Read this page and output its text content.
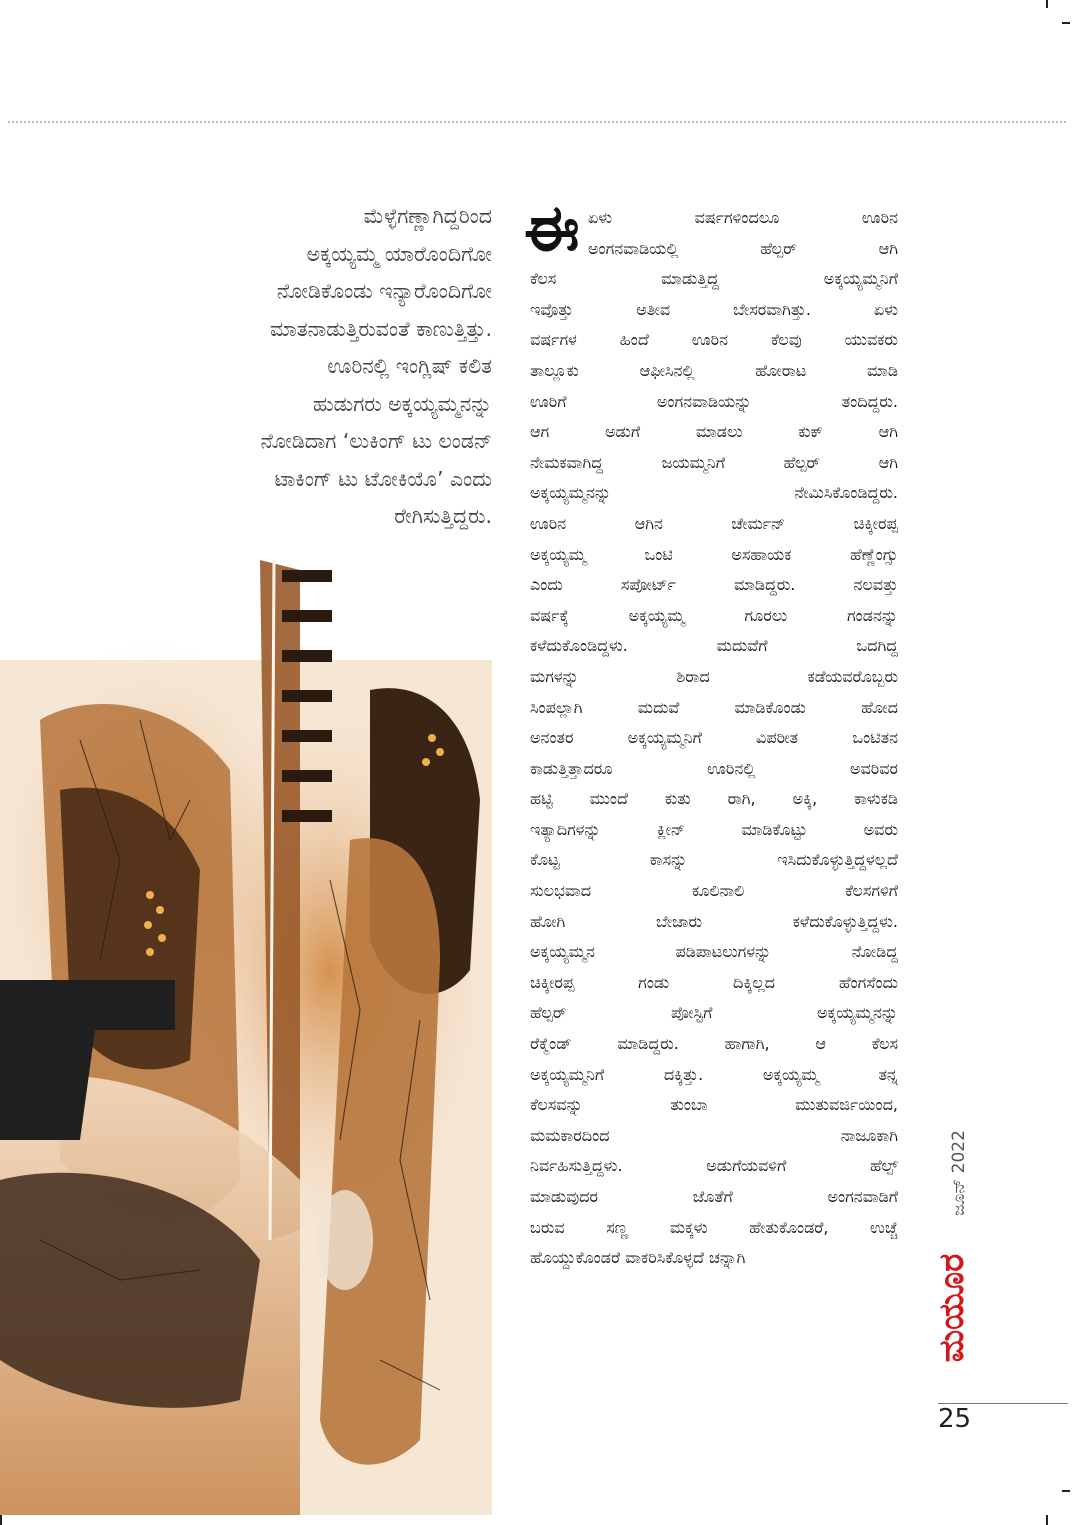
ಮೆಳ್ಳೆಗಣ್ಣಾಗಿದ್ದರಿಂದ
ಅಕ್ಕಯ್ಯಮ್ಮ ಯಾರೊಂದಿಗೋ
ನೋಡಿಕೊಂಡು ಇನ್ಯಾರೊಂದಿಗೋ
ಮಾತನಾಡುತ್ತಿರುವಂತೆ ಕಾಣುತ್ತಿತ್ತು.
ಊರಿನಲ್ಲಿ ಇಂಗ್ಲಿಷ್ ಕಲಿತ
ಹುಡುಗರು ಅಕ್ಕಯ್ಯಮ್ಮನನ್ನು
ನೋಡಿದಾಗ ‘ಲುಕಿಂಗ್ ಟು ಲಂಡನ್
ಟಾಕಿಂಗ್ ಟು ಟೋಕಿಯೊ’ ಎಂದು
ರೇಗಿಸುತ್ತಿದ್ದರು.
ಈ ಏಳು ವರ್ಷಗಳಿಂದಲೂ ಊರಿನ
ಅಂಗನವಾಡಿಯಲ್ಲಿ ಹೆಲ್ಪರ್ ಆಗಿ
ಕೆಲಸ ಮಾಡುತ್ತಿದ್ದ ಅಕ್ಕಯ್ಯಮ್ಮನಿಗೆ
ಇವೊತ್ತು ಅತೀವ ಬೇಸರವಾಗಿತ್ತು. ಏಳು
ವರ್ಷಗಳ ಹಿಂದೆ ಊರಿನ ಕೆಲವು ಯುವಕರು
ತಾಲ್ಲೂಕು ಆಫೀಸಿನಲ್ಲಿ ಹೋರಾಟ ಮಾಡಿ
ಊರಿಗೆ ಅಂಗನವಾಡಿಯನ್ನು ತಂದಿದ್ದರು.
ಆಗ ಅಡುಗೆ ಮಾಡಲು ಕುಕ್ ಆಗಿ
ನೇಮಕವಾಗಿದ್ದ ಜಯಮ್ಮನಿಗೆ ಹೆಲ್ಪರ್ ಆಗಿ
ಅಕ್ಕಯ್ಯಮ್ಮನನ್ನು ನೇಮಿಸಿಕೊಂಡಿದ್ದರು.
ಊರಿನ ಆಗಿನ ಚೇರ್ಮನ್ ಚಿಕ್ಕೀರಪ್ಪ
ಅಕ್ಕಯ್ಯಮ್ಮ ಒಂಟಿ ಅಸಹಾಯಕ ಹೆಣ್ಣೆಂಗ್ಸು
ಎಂದು ಸಪೋರ್ಟ್ ಮಾಡಿದ್ದರು. ನಲವತ್ತು
ವರ್ಷಕ್ಕೆ ಅಕ್ಕಯ್ಯಮ್ಮ ಗೂರಲು ಗಂಡನನ್ನು
ಕಳೆದುಕೊಂಡಿದ್ದಳು. ಮದುವೆಗೆ ಒದಗಿದ್ದ
ಮಗಳನ್ನು ಶಿರಾದ ಕಡೆಯವರೊಬ್ಬರು
ಸಿಂಪಲ್ಲಾಗಿ ಮದುವೆ ಮಾಡಿಕೊಂಡು ಹೋದ
ಅನಂತರ ಅಕ್ಕಯ್ಯಮ್ಮನಿಗೆ ವಿಪರೀತ ಒಂಟಿತನ
ಕಾಡುತ್ತಿತ್ತಾದರೂ ಊರಿನಲ್ಲಿ ಅವರಿವರ
ಹಟ್ಟಿ ಮುಂದೆ ಕುತು ರಾಗಿ, ಅಕ್ಕಿ, ಕಾಳುಕಡಿ
ಇತ್ಯಾದಿಗಳನ್ನು ಕ್ಲೀನ್ ಮಾಡಿಕೊಟ್ಟು ಅವರು
ಕೊಟ್ಟ ಕಾಸನ್ನು ಇಸಿದುಕೊಳ್ಳುತ್ತಿದ್ದಳಲ್ಲದೆ
ಸುಲಭವಾದ ಕೂಲಿನಾಲಿ ಕೆಲಸಗಳಿಗೆ
ಹೋಗಿ ಬೇಜಾರು ಕಳೆದುಕೊಳ್ಳುತ್ತಿದ್ದಳು.
ಅಕ್ಕಯ್ಯಮ್ಮನ ಪಡಿಪಾಟಲುಗಳನ್ನು ನೋಡಿದ್ದ
ಚಿಕ್ಕೀರಪ್ಪ ಗಂಡು ದಿಕ್ಕಿಲ್ಲದ ಹೆಂಗಸೆಂದು
ಹೆಲ್ಪರ್ ಪೋಸ್ಟಿಗೆ ಅಕ್ಕಯ್ಯಮ್ಮನನ್ನು
ರೆಕ್ಮೆಂಡ್ ಮಾಡಿದ್ದರು. ಹಾಗಾಗಿ, ಆ ಕೆಲಸ
ಅಕ್ಕಯ್ಯಮ್ಮನಿಗೆ ದಕ್ಕಿತ್ತು. ಅಕ್ಕಯ್ಯಮ್ಮ ತನ್ನ
ಕೆಲಸವನ್ನು ತುಂಬಾ ಮುತುವರ್ಜಿಯಿಂದ,
ಮಮಕಾರದಿಂದ ನಾಜೂಕಾಗಿ
ನಿರ್ವಹಿಸುತ್ತಿದ್ದಳು. ಅಡುಗೆಯವಳಿಗೆ ಹೆಲ್ಪ್
ಮಾಡುವುದರ ಜೊತೆಗೆ ಅಂಗನವಾಡಿಗೆ
ಬರುವ ಸಣ್ಣ ಮಕ್ಕಳು ಹೇತುಕೊಂಡರೆ, ಉಚ್ಚೆ
ಹೊಯ್ದುಕೊಂಡರೆ ವಾಕರಿಸಿಕೊಳ್ಳದೆ ಚನ್ನಾಗಿ
ಜೂನ್ 2022
ಮಯೂರ
25
